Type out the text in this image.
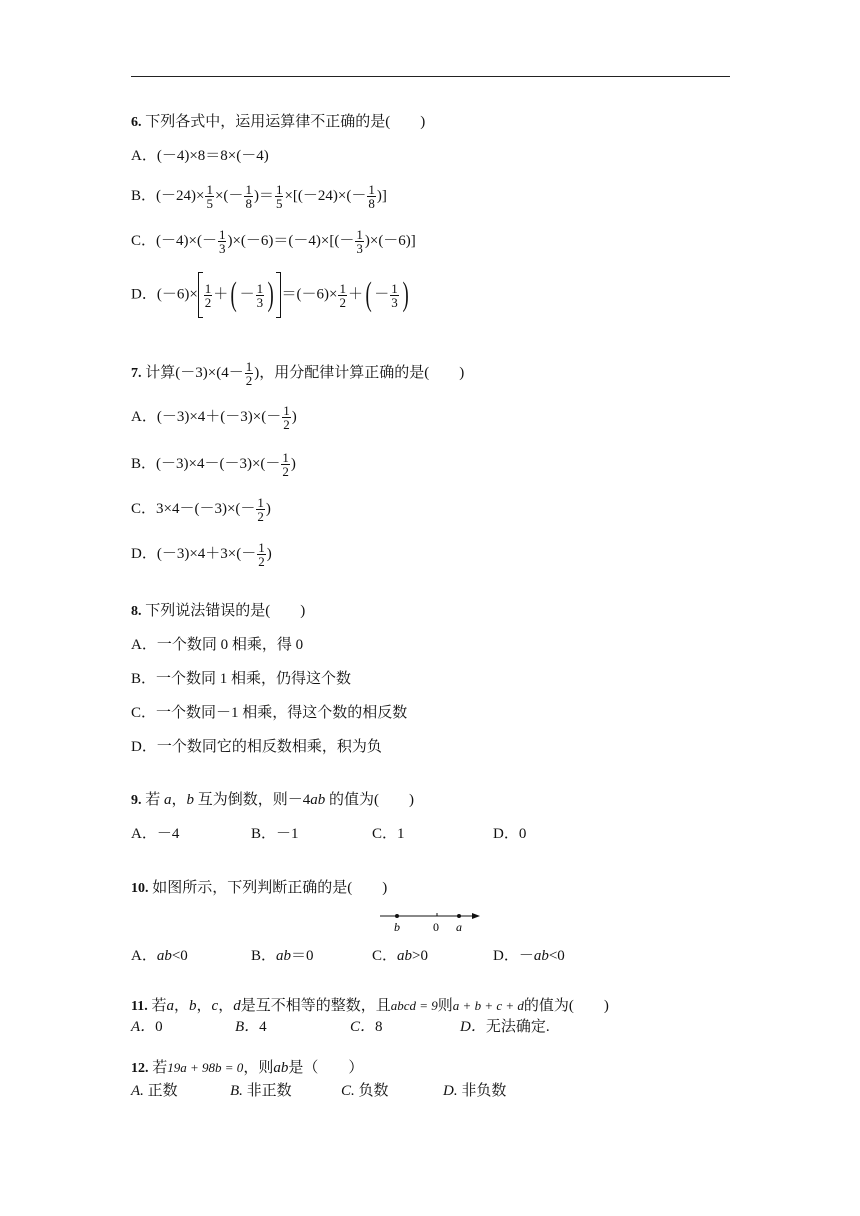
6. 下列各式中，运用运算律不正确的是(　　)
A．(－4)×8＝8×(－4)
B．$(-24)\times \frac{1}{5}$ ×(－ $\frac{1}{8}$ )＝ $\frac{1}{5} \times[(-24)\times(- \frac{1}{8}$ )]
C．$(-4)\times(- \frac{1}{3} )\times(-6)=(-4)\times[(- \frac{1}{3} )\times(-6)]$
D．$(-6)\times \frac{1}{2}$ ＋( － $\frac{1}{3}$ ) $=(-6)\times \frac{1}{2}$ ＋( － $\frac{1}{3}$ )
7. 计算$(-3)\times(4- \frac{1}{2}$ )，用分配律计算正确的是(　　)
A．$(-3)\times 4+(-3)\times(- \frac{1}{2}$ )
B．$(-3)\times 4-(-3)\times(- \frac{1}{2}$ )
C．$3\times 4-(-3)\times(- \frac{1}{2}$ )
D．$(-3)\times 4+3\times(- \frac{1}{2}$ )
8. 下列说法错误的是(　　)
A．一个数同 0 相乘，得 0
B．一个数同 1 相乘，仍得这个数
C．一个数同－1 相乘，得这个数的相反数
D．一个数同它的相反数相乘，积为负
9. 若 a，b 互为倒数，则－4ab 的值为(　　)
A．－4	B．－1	C．1	D．0
10. 如图所示，下列判断正确的是(　　)
b	0 a
A．ab<0	B．ab＝0	C．ab>0	D．－ab<0
11. 若a，b，c，d是互不相等的整数，且abcd = 9则a + b + c + d的值为(　　)
A．0	B．4	C．8	D．无法确定.
12. 若19a + 98b = 0，则ab是（　　）
A. 正数	B. 非正数	C. 负数	D. 非负数
